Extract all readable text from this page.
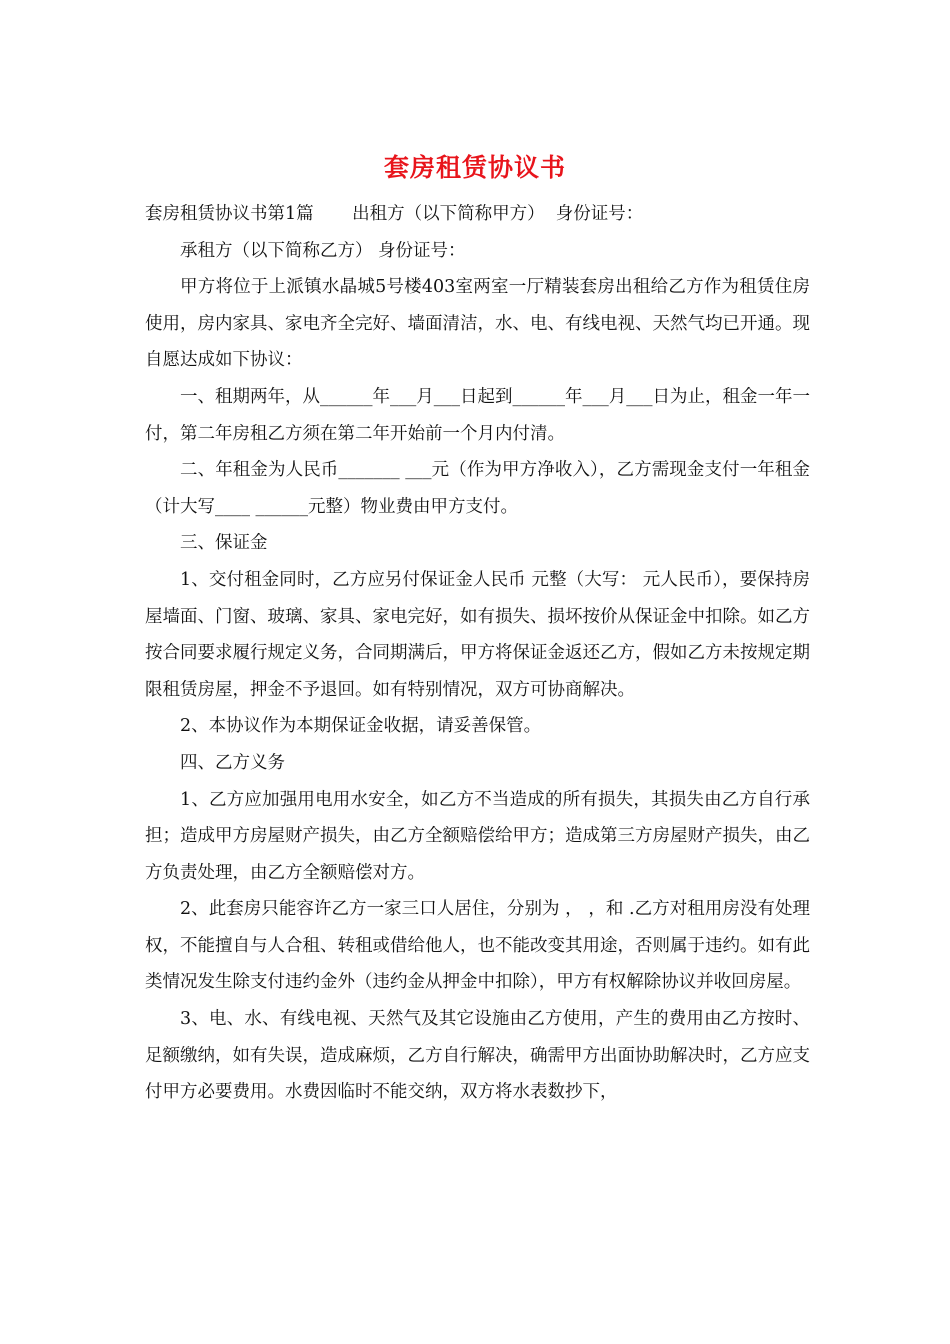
套房租赁协议书

套房租赁协议书第1篇 出租方（以下简称甲方） 身份证号：

承租方（以下简称乙方） 身份证号：

甲方将位于上派镇水晶城5号楼403室两室一厅精装套房出租给乙方作为租赁住房使用，房内家具、家电齐全完好、墙面清洁，水、电、有线电视、天然气均已开通。现自愿达成如下协议：

一、租期两年，从______年___月___日起到______年___月___日为止，租金一年一付，第二年房租乙方须在第二年开始前一个月内付清。

二、年租金为人民币_______ ___元（作为甲方净收入），乙方需现金支付一年租金（计大写____ ______元整）物业费由甲方支付。

三、保证金

1、交付租金同时，乙方应另付保证金人民币 元整（大写： 元人民币），要保持房屋墙面、门窗、玻璃、家具、家电完好，如有损失、损坏按价从保证金中扣除。如乙方按合同要求履行规定义务，合同期满后，甲方将保证金返还乙方，假如乙方未按规定期限租赁房屋，押金不予退回。如有特别情况，双方可协商解决。

2、本协议作为本期保证金收据，请妥善保管。

四、乙方义务

1、乙方应加强用电用水安全，如乙方不当造成的所有损失，其损失由乙方自行承担；造成甲方房屋财产损失，由乙方全额赔偿给甲方；造成第三方房屋财产损失，由乙方负责处理，由乙方全额赔偿对方。

2、此套房只能容许乙方一家三口人居住，分别为 ， ，和 .乙方对租用房没有处理权，不能擅自与人合租、转租或借给他人，也不能改变其用途，否则属于违约。如有此类情况发生除支付违约金外（违约金从押金中扣除），甲方有权解除协议并收回房屋。

3、电、水、有线电视、天然气及其它设施由乙方使用，产生的费用由乙方按时、足额缴纳，如有失误，造成麻烦，乙方自行解决，确需甲方出面协助解决时，乙方应支付甲方必要费用。水费因临时不能交纳，双方将水表数抄下，
